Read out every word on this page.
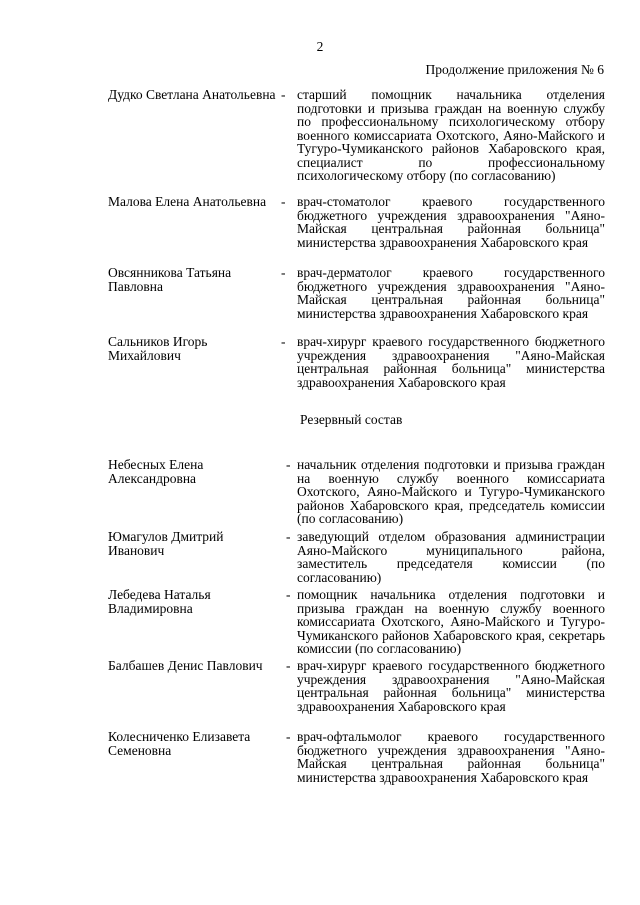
2
Продолжение приложения № 6
Дудко Светлана Анатольевна - старший помощник начальника отделения подготовки и призыва граждан на военную службу по профессиональному психологическому отбору военного комиссариата Охотского, Аяно-Майского и Тугуро-Чумиканского районов Хабаровского края, специалист по профессиональному психологическому отбору (по согласованию)
Малова Елена Анатольевна	- врач-стоматолог краевого государственного бюджетного учреждения здравоохранения "Аяно-Майская центральная районная больница" министерства здравоохранения Хабаровского края
Овсянникова Татьяна Павловна
- врач-дерматолог краевого государственного бюджетного учреждения здравоохранения "Аяно-Майская центральная районная больница" министерства здравоохранения Хабаровского края
Сальников Игорь Михайлович
- врач-хирург краевого государственного бюджетного учреждения здравоохранения "Аяно-Майская центральная районная больница" министерства здравоохранения Хабаровского края
Резервный состав
Небесных Елена Александровна
- начальник отделения подготовки и призыва граждан на военную службу военного комиссариата Охотского, Аяно-Майского и Тугуро-Чумиканского районов Хабаровского края, председатель комиссии (по согласованию)
Юмагулов Дмитрий Иванович
- заведующий отделом образования администрации Аяно-Майского муниципального района, заместитель председателя комиссии (по согласованию)
Лебедева Наталья Владимировна
- помощник начальника отделения подготовки и призыва граждан на военную службу военного комиссариата Охотского, Аяно-Майского и Тугуро-Чумиканского районов Хабаровского края, секретарь комиссии (по согласованию)
Балбашев Денис Павлович	- врач-хирург краевого государственного бюджетного учреждения здравоохранения "Аяно-Майская центральная районная больница" министерства здравоохранения Хабаровского края
Колесниченко Елизавета Семеновна
- врач-офтальмолог краевого государственного бюджетного учреждения здравоохранения "Аяно-Майская центральная районная больница" министерства здравоохранения Хабаровского края
